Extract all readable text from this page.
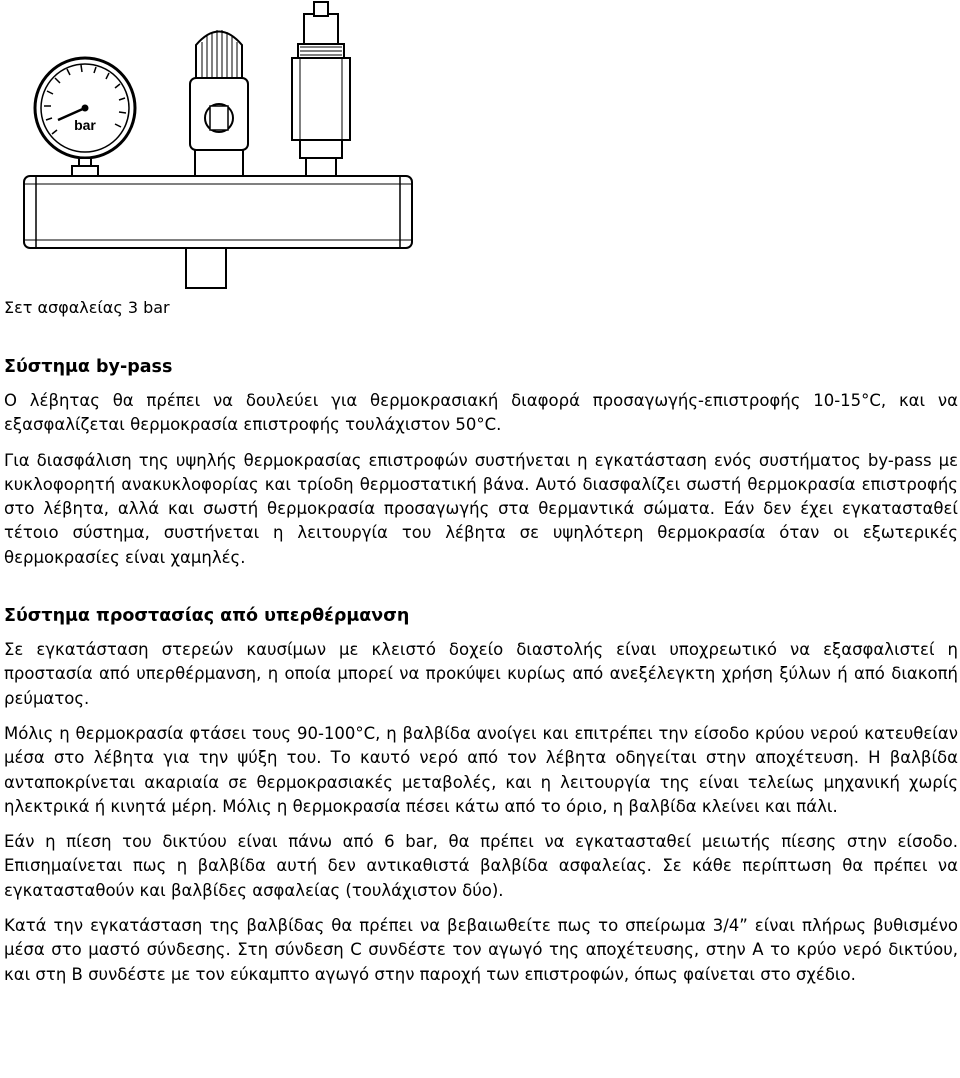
bar
Σετ ασφαλείας 3 bar
Σύστημα by-pass

Ο λέβητας θα πρέπει να δουλεύει για θερμοκρασιακή διαφορά προσαγωγής-επιστροφής 10-15°C, και να εξασφαλίζεται θερμοκρασία επιστροφής τουλάχιστον 50°C.

Για διασφάλιση της υψηλής θερμοκρασίας επιστροφών συστήνεται η εγκατάσταση ενός συστήματος by-pass με κυκλοφορητή ανακυκλοφορίας και τρίοδη θερμοστατική βάνα. Αυτό διασφαλίζει σωστή θερμοκρασία επιστροφής στο λέβητα, αλλά και σωστή θερμοκρασία προσαγωγής στα θερμαντικά σώματα. Εάν δεν έχει εγκατασταθεί τέτοιο σύστημα, συστήνεται η λειτουργία του λέβητα σε υψηλότερη θερμοκρασία όταν οι εξωτερικές θερμοκρασίες είναι χαμηλές.

Σύστημα προστασίας από υπερθέρμανση

Σε εγκατάσταση στερεών καυσίμων με κλειστό δοχείο διαστολής είναι υποχρεωτικό να εξασφαλιστεί η προστασία από υπερθέρμανση, η οποία μπορεί να προκύψει κυρίως από ανεξέλεγκτη χρήση ξύλων ή από διακοπή ρεύματος.

Μόλις η θερμοκρασία φτάσει τους 90-100°C, η βαλβίδα ανοίγει και επιτρέπει την είσοδο κρύου νερού κατευθείαν μέσα στο λέβητα για την ψύξη του. Το καυτό νερό από τον λέβητα οδηγείται στην αποχέτευση. Η βαλβίδα ανταποκρίνεται ακαριαία σε θερμοκρασιακές μεταβολές, και η λειτουργία της είναι τελείως μηχανική χωρίς ηλεκτρικά ή κινητά μέρη. Μόλις η θερμοκρασία πέσει κάτω από το όριο, η βαλβίδα κλείνει και πάλι.

Εάν η πίεση του δικτύου είναι πάνω από 6 bar, θα πρέπει να εγκατασταθεί μειωτής πίεσης στην είσοδο. Επισημαίνεται πως η βαλβίδα αυτή δεν αντικαθιστά βαλβίδα ασφαλείας. Σε κάθε περίπτωση θα πρέπει να εγκατασταθούν και βαλβίδες ασφαλείας (τουλάχιστον δύο).

Κατά την εγκατάσταση της βαλβίδας θα πρέπει να βεβαιωθείτε πως το σπείρωμα 3/4” είναι πλήρως βυθισμένο μέσα στο μαστό σύνδεσης. Στη σύνδεση C συνδέστε τον αγωγό της αποχέτευσης, στην Α το κρύο νερό δικτύου, και στη Β συνδέστε με τον εύκαμπτο αγωγό στην παροχή των επιστροφών, όπως φαίνεται στο σχέδιο.
